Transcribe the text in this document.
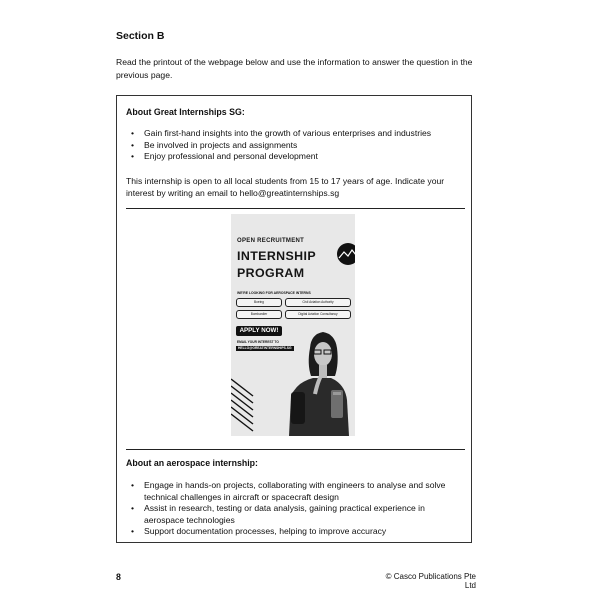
Section B
Read the printout of the webpage below and use the information to answer the question in the previous page.
About Great Internships SG:
• Gain first-hand insights into the growth of various enterprises and industries
• Be involved in projects and assignments
• Enjoy professional and personal development
This internship is open to all local students from 15 to 17 years of age. Indicate your interest by writing an email to hello@greatinternships.sg
OPEN RECRUITMENT
INTERNSHIP
PROGRAM
WE'RE LOOKING FOR AEROSPACE INTERNS
Boeing	Civil Aviation Authority
Bombardier	Digital Aviation Consultancy
APPLY NOW!
EMAIL YOUR INTEREST TO
HELLO@GREATINTERNSHIPS.SG
About an aerospace internship:
• Engage in hands-on projects, collaborating with engineers to analyse and solve technical challenges in aircraft or spacecraft design
• Assist in research, testing or data analysis, gaining practical experience in aerospace technologies
• Support documentation processes, helping to improve accuracy
8	© Casco Publications Pte Ltd
